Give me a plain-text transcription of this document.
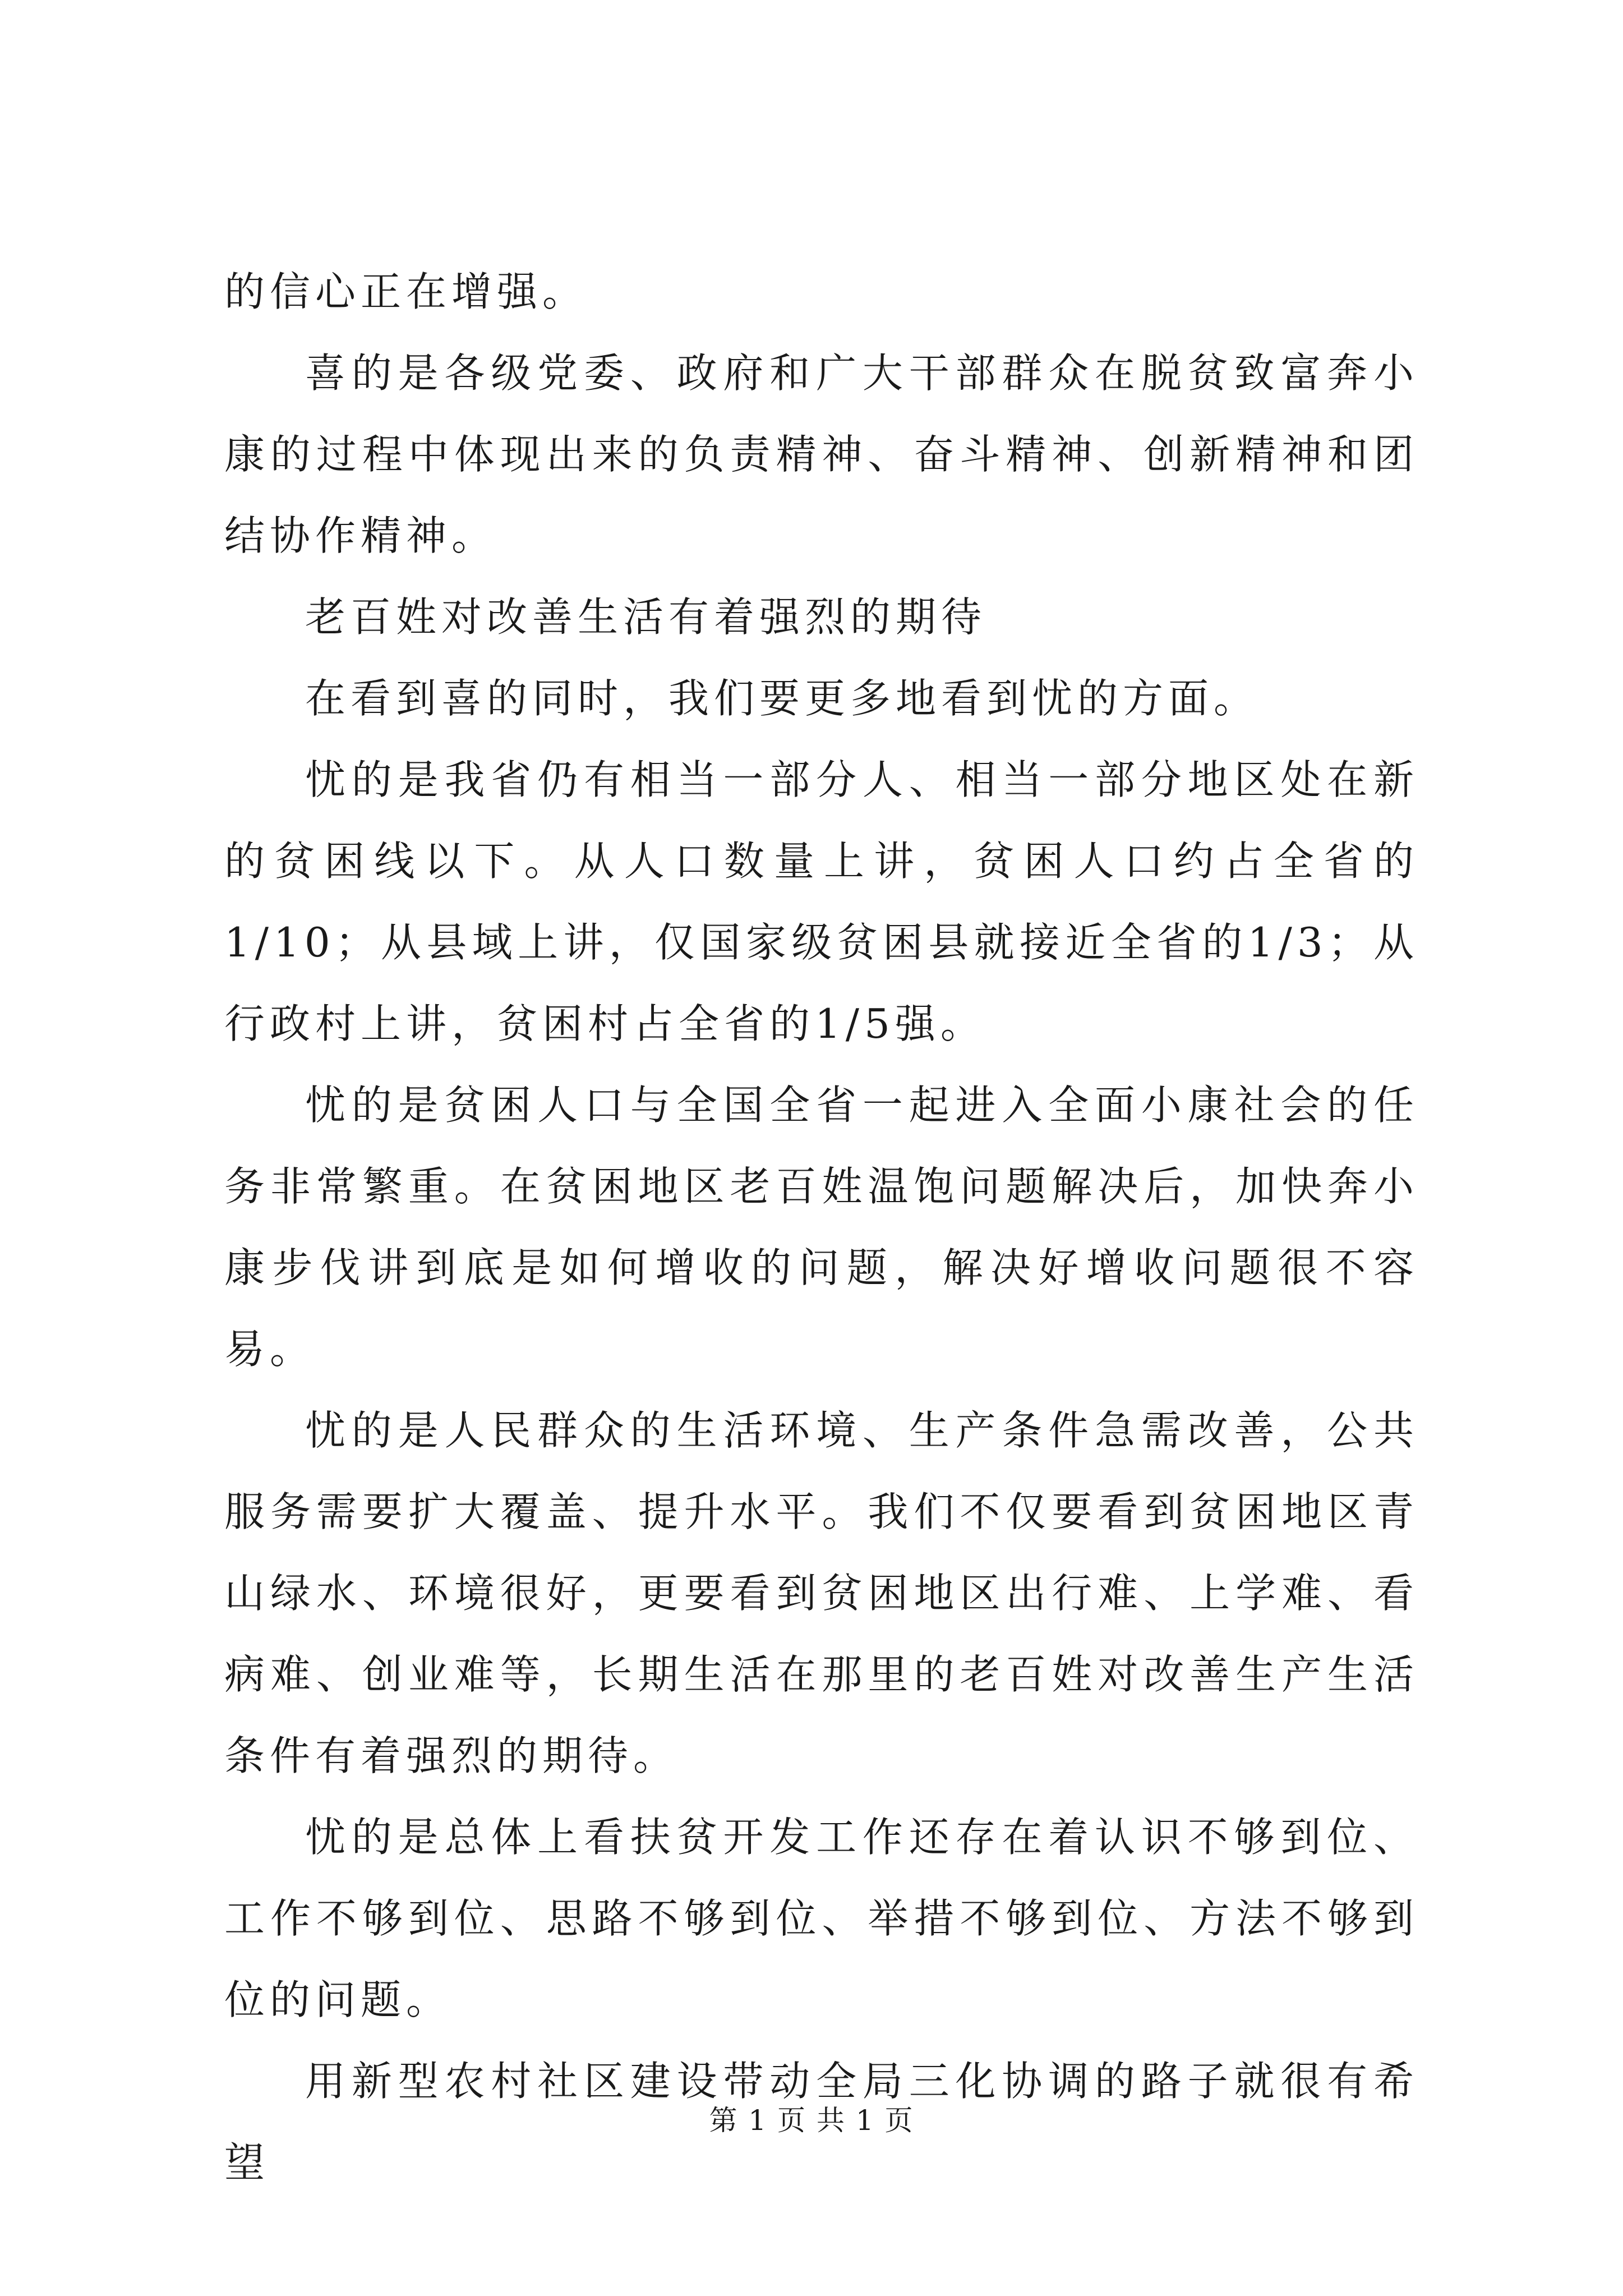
的信心正在增强。

喜的是各级党委、政府和广大干部群众在脱贫致富奔小康的过程中体现出来的负责精神、奋斗精神、创新精神和团结协作精神。

老百姓对改善生活有着强烈的期待

在看到喜的同时，我们要更多地看到忧的方面。

忧的是我省仍有相当一部分人、相当一部分地区处在新的贫困线以下。从人口数量上讲，贫困人口约占全省的1/10；从县域上讲，仅国家级贫困县就接近全省的1/3；从行政村上讲，贫困村占全省的1/5强。

忧的是贫困人口与全国全省一起进入全面小康社会的任务非常繁重。在贫困地区老百姓温饱问题解决后，加快奔小康步伐讲到底是如何增收的问题，解决好增收问题很不容易。

忧的是人民群众的生活环境、生产条件急需改善，公共服务需要扩大覆盖、提升水平。我们不仅要看到贫困地区青山绿水、环境很好，更要看到贫困地区出行难、上学难、看病难、创业难等，长期生活在那里的老百姓对改善生产生活条件有着强烈的期待。

忧的是总体上看扶贫开发工作还存在着认识不够到位、工作不够到位、思路不够到位、举措不够到位、方法不够到位的问题。

用新型农村社区建设带动全局三化协调的路子就很有希望

第 1 页 共 1 页
